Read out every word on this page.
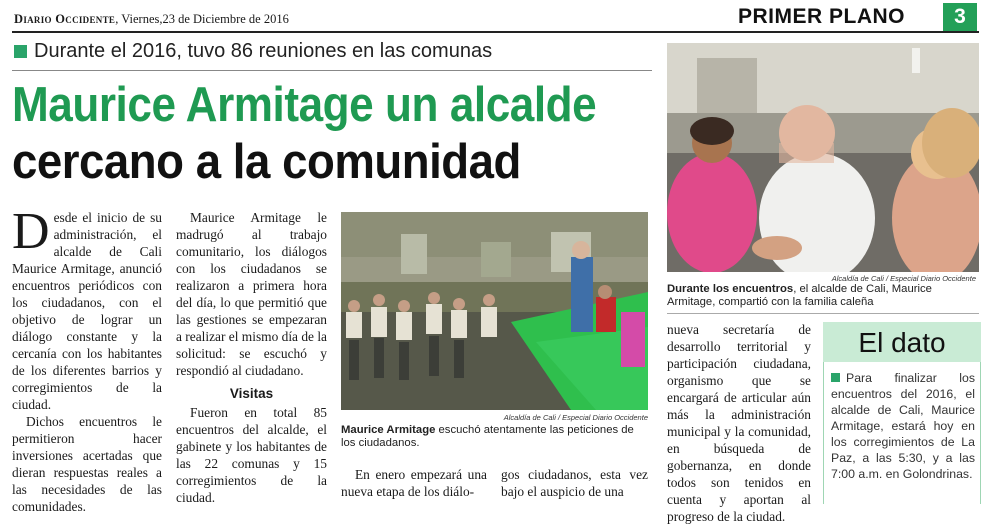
Diario Occidente, Viernes,23 de Diciembre de 2016	PRIMER PLANO	3
Durante el 2016, tuvo 86 reuniones en las comunas
Maurice Armitage un alcalde
cercano a la comunidad

Desde el inicio de su administración, el alcalde de Cali Maurice Armitage, anunció encuentros periódicos con los ciudadanos, con el objetivo de lograr un diálogo constante y la cercanía con los habitantes de los diferentes barrios y corregimientos de la ciudad.

Dichos encuentros le permitieron hacer inversiones acertadas que dieran respuestas reales a las necesidades de las comunidades.

Maurice Armitage le madrugó al trabajo comunitario, los diálogos con los ciudadanos se realizaron a primera hora del día, lo que permitió que las gestiones se empezaran a realizar el mismo día de la solicitud: se escuchó y respondió al ciudadano.

Visitas

Fueron en total 85 encuentros del alcalde, el gabinete y los habitantes de las 22 comunas y 15 corregimientos de la ciudad.

Alcaldía de Cali / Especial Diario Occidente
Maurice Armitage escuchó atentamente las peticiones de los ciudadanos.

En enero empezará una nueva etapa de los diálo-

gos ciudadanos, esta vez bajo el auspicio de una

Alcaldía de Cali / Especial Diario Occidente
Durante los encuentros, el alcalde de Cali, Maurice Armitage, compartió con la familia caleña

nueva secretaría de desarrollo territorial y participación ciudadana, organismo que se encargará de articular aún más la administración municipal y la comunidad, en búsqueda de gobernanza, en donde todos son tenidos en cuenta y aportan al progreso de la ciudad.

El dato
Para finalizar los encuentros del 2016, el alcalde de Cali, Maurice Armitage, estará hoy en los corregimientos de La Paz, a las 5:30, y a las 7:00 a.m. en Golondrinas.
